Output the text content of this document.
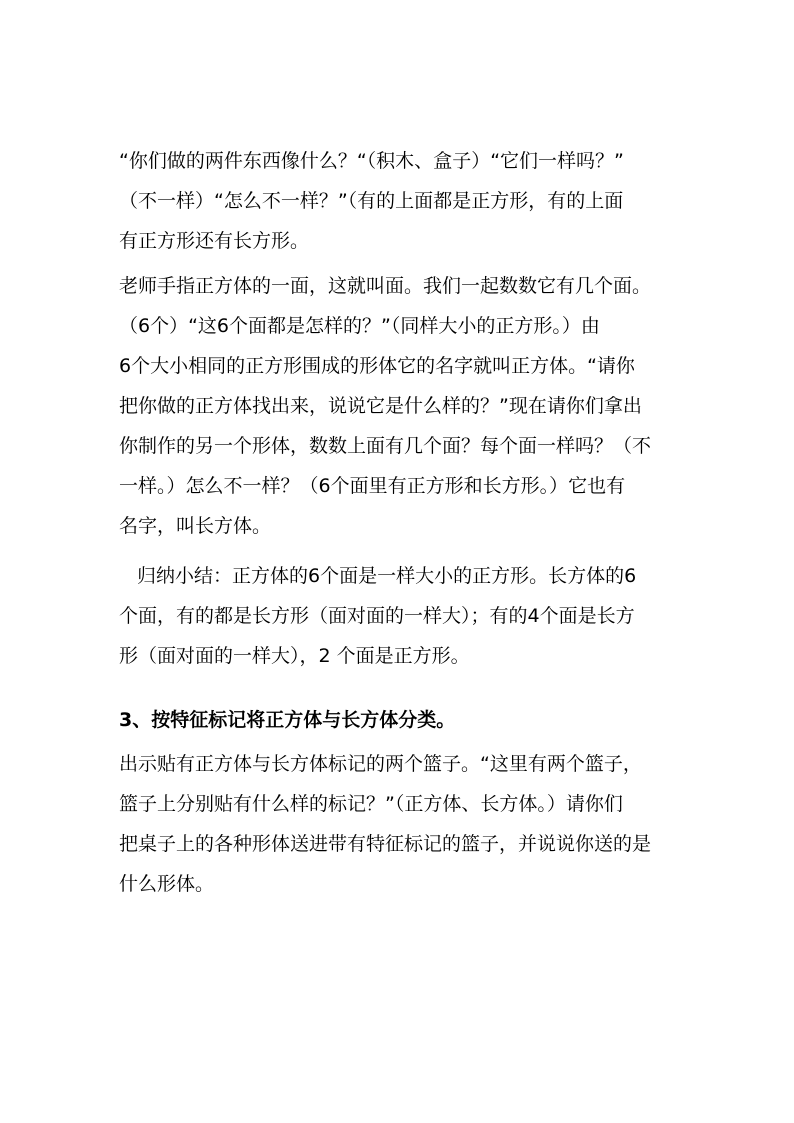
“你们做的两件东西像什么？“（积木、盒子）“它们一样吗？”
（不一样）“怎么不一样？”（有的上面都是正方形，有的上面
有正方形还有长方形。
老师手指正方体的一面，这就叫面。我们一起数数它有几个面。
（6个）“这6个面都是怎样的？”（同样大小的正方形。）由
6个大小相同的正方形围成的形体它的名字就叫正方体。“请你
把你做的正方体找出来，说说它是什么样的？”现在请你们拿出
你制作的另一个形体，数数上面有几个面？每个面一样吗？（不
一样。）怎么不一样？（6个面里有正方形和长方形。）它也有
名字，叫长方体。
归纳小结：正方体的6个面是一样大小的正方形。长方体的6
个面，有的都是长方形（面对面的一样大）；有的4个面是长方
形（面对面的一样大），2 个面是正方形。
3、按特征标记将正方体与长方体分类。
出示贴有正方体与长方体标记的两个篮子。“这里有两个篮子，
篮子上分别贴有什么样的标记？”（正方体、长方体。）请你们
把桌子上的各种形体送进带有特征标记的篮子，并说说你送的是
什么形体。
